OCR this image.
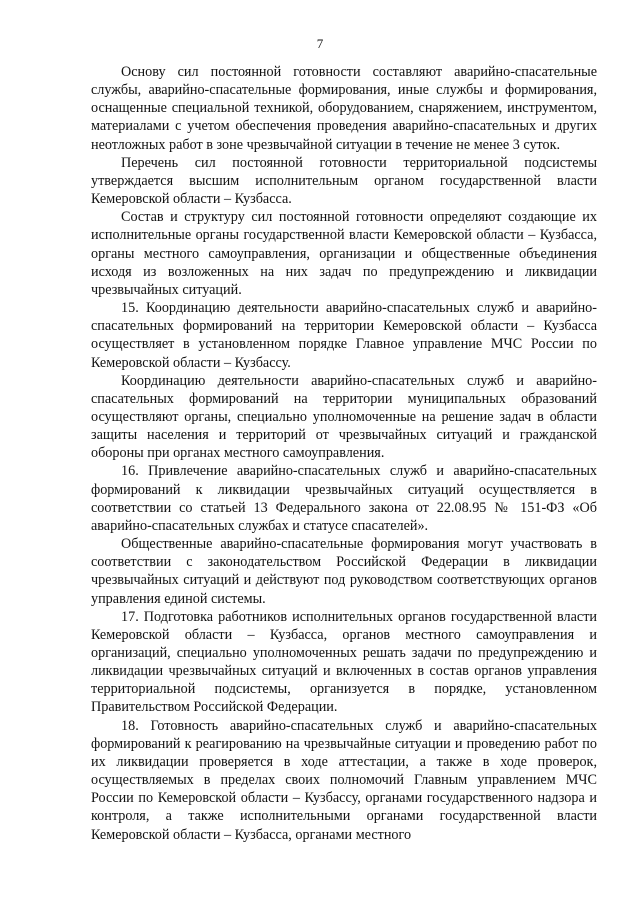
7

Основу сил постоянной готовности составляют аварийно-спасательные службы, аварийно-спасательные формирования, иные службы и формирования, оснащенные специальной техникой, оборудованием, снаряжением, инструментом, материалами с учетом обеспечения проведения аварийно-спасательных и других неотложных работ в зоне чрезвычайной ситуации в течение не менее 3 суток.

Перечень сил постоянной готовности территориальной подсистемы утверждается высшим исполнительным органом государственной власти Кемеровской области – Кузбасса.

Состав и структуру сил постоянной готовности определяют создающие их исполнительные органы государственной власти Кемеровской области – Кузбасса, органы местного самоуправления, организации и общественные объединения исходя из возложенных на них задач по предупреждению и ликвидации чрезвычайных ситуаций.

15. Координацию деятельности аварийно-спасательных служб и аварийно-спасательных формирований на территории Кемеровской области – Кузбасса осуществляет в установленном порядке Главное управление МЧС России по Кемеровской области – Кузбассу.

Координацию деятельности аварийно-спасательных служб и аварийно-спасательных формирований на территории муниципальных образований осуществляют органы, специально уполномоченные на решение задач в области защиты населения и территорий от чрезвычайных ситуаций и гражданской обороны при органах местного самоуправления.

16. Привлечение аварийно-спасательных служб и аварийно-спасательных формирований к ликвидации чрезвычайных ситуаций осуществляется в соответствии со статьей 13 Федерального закона от 22.08.95 № 151-ФЗ «Об аварийно-спасательных службах и статусе спасателей».

Общественные аварийно-спасательные формирования могут участвовать в соответствии с законодательством Российской Федерации в ликвидации чрезвычайных ситуаций и действуют под руководством соответствующих органов управления единой системы.

17. Подготовка работников исполнительных органов государственной власти Кемеровской области – Кузбасса, органов местного самоуправления и организаций, специально уполномоченных решать задачи по предупреждению и ликвидации чрезвычайных ситуаций и включенных в состав органов управления территориальной подсистемы, организуется в порядке, установленном Правительством Российской Федерации.

18. Готовность аварийно-спасательных служб и аварийно-спасательных формирований к реагированию на чрезвычайные ситуации и проведению работ по их ликвидации проверяется в ходе аттестации, а также в ходе проверок, осуществляемых в пределах своих полномочий Главным управлением МЧС России по Кемеровской области – Кузбассу, органами государственного надзора и контроля, а также исполнительными органами государственной власти Кемеровской области – Кузбасса, органами местного
